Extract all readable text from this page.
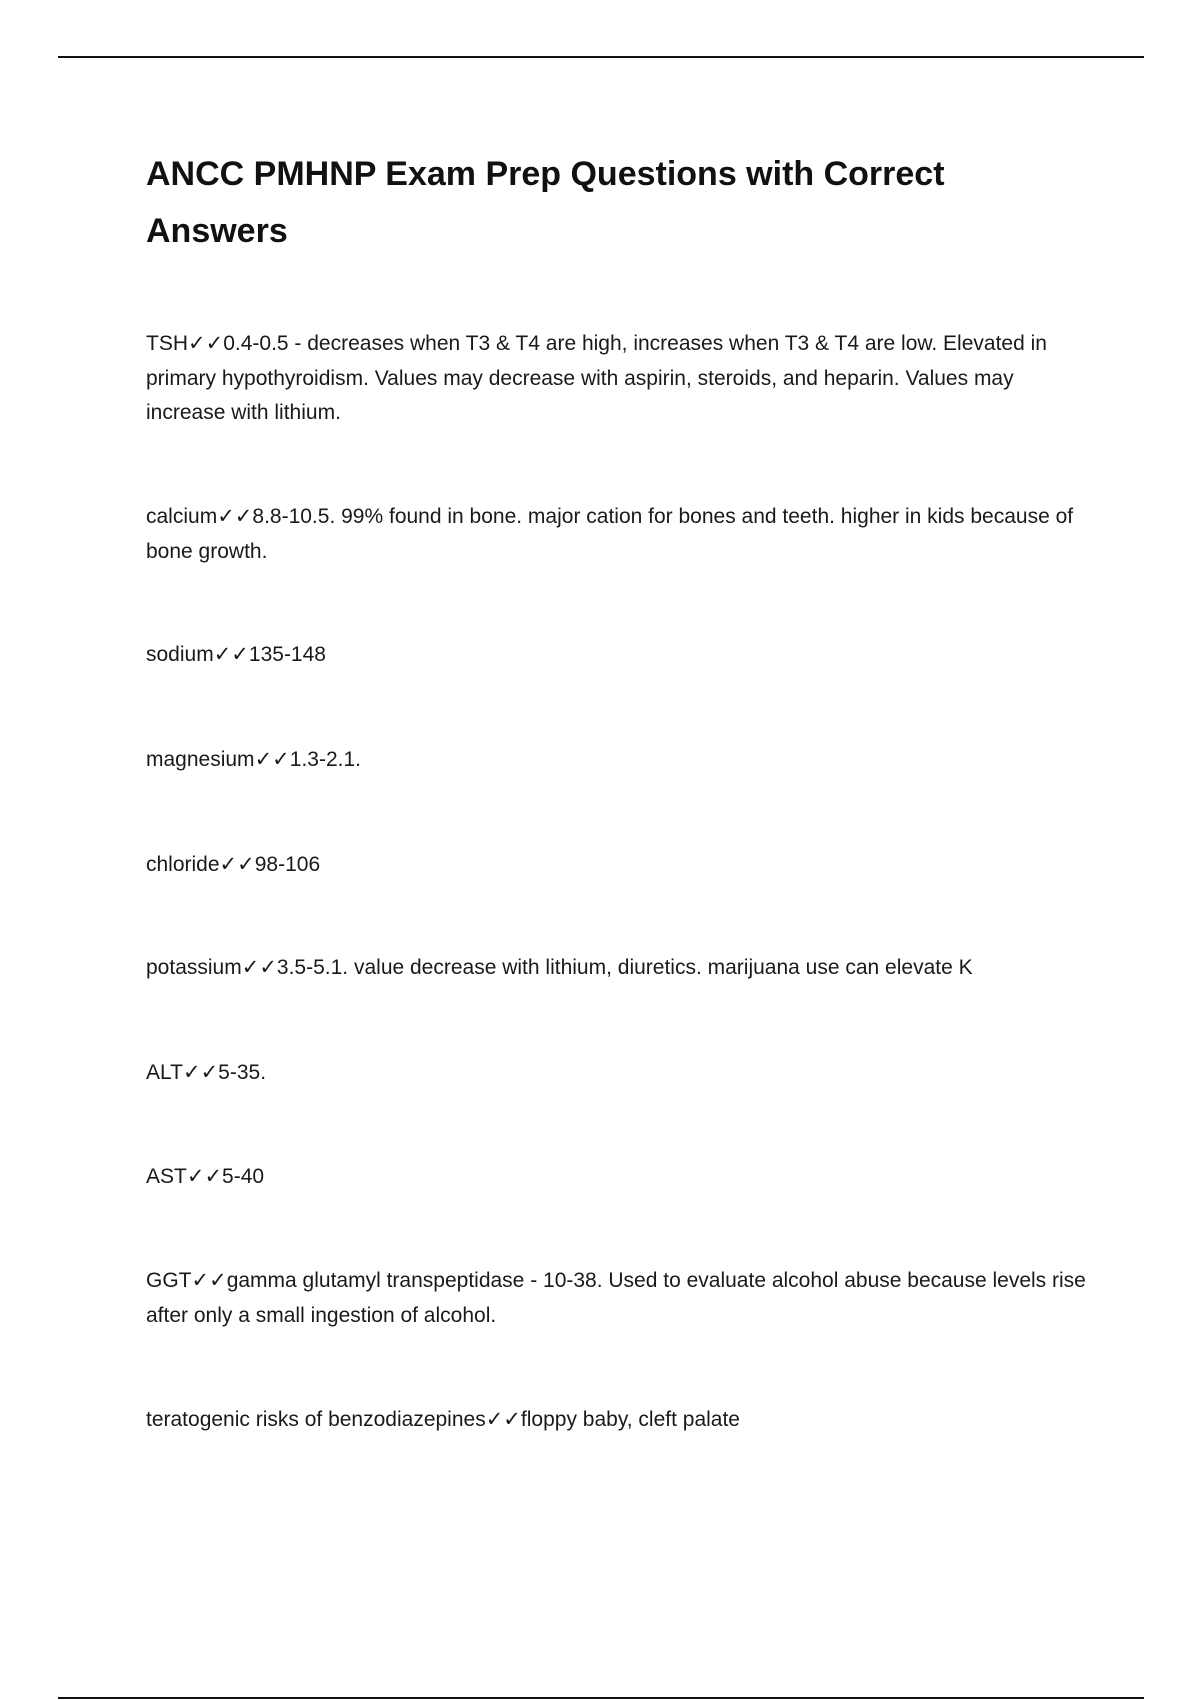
ANCC PMHNP Exam Prep Questions with Correct Answers

TSH✓✓0.4-0.5 - decreases when T3 & T4 are high, increases when T3 & T4 are low. Elevated in primary hypothyroidism. Values may decrease with aspirin, steroids, and heparin. Values may increase with lithium.

calcium✓✓8.8-10.5. 99% found in bone. major cation for bones and teeth. higher in kids because of bone growth.

sodium✓✓135-148

magnesium✓✓1.3-2.1.

chloride✓✓98-106

potassium✓✓3.5-5.1. value decrease with lithium, diuretics. marijuana use can elevate K

ALT✓✓5-35.

AST✓✓5-40

GGT✓✓gamma glutamyl transpeptidase - 10-38. Used to evaluate alcohol abuse because levels rise after only a small ingestion of alcohol.

teratogenic risks of benzodiazepines✓✓floppy baby, cleft palate
